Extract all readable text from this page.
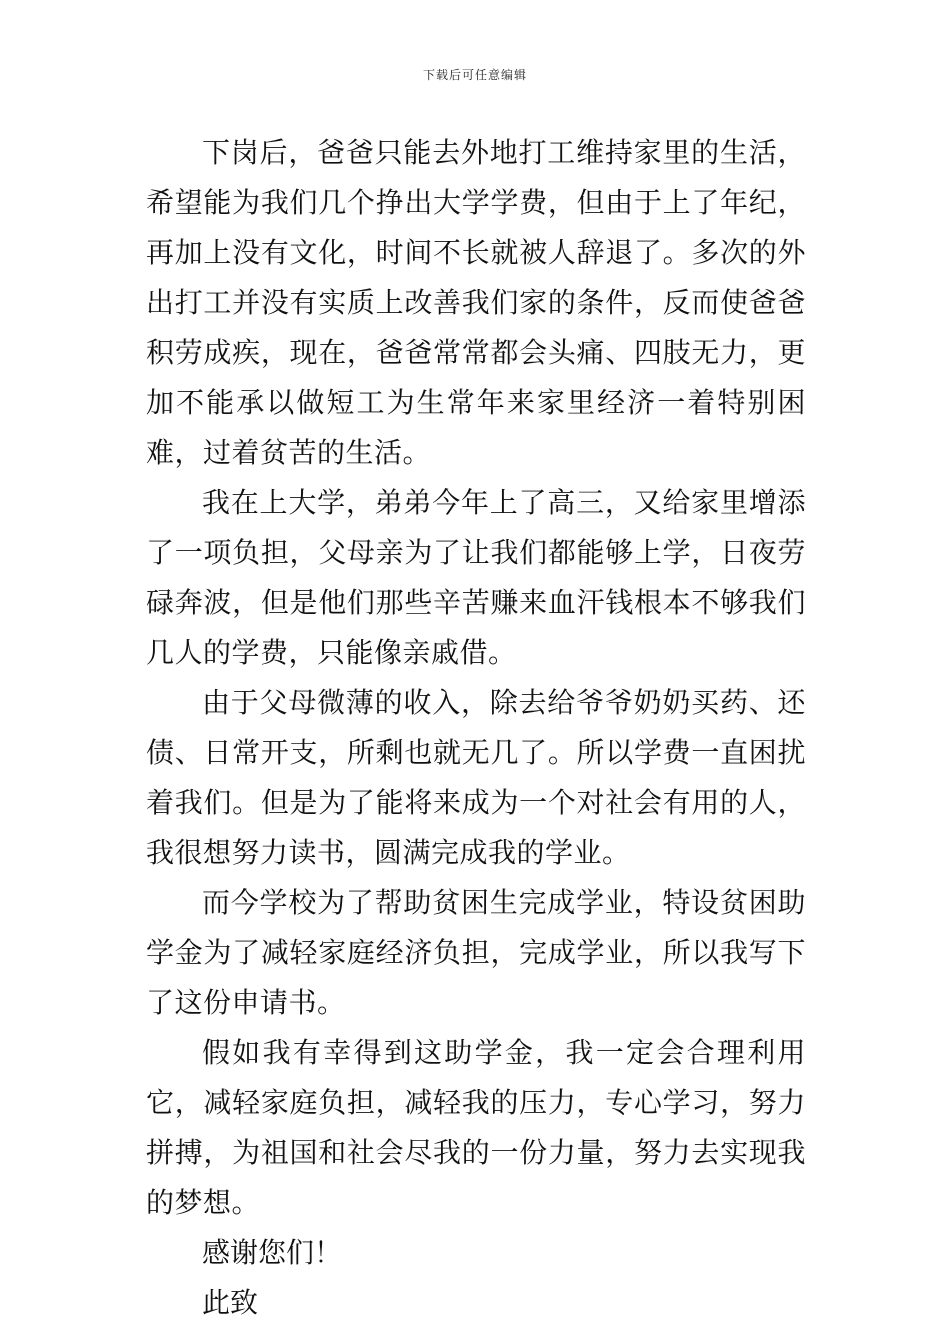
下载后可任意编辑

下岗后，爸爸只能去外地打工维持家里的生活，希望能为我们几个挣出大学学费，但由于上了年纪，再加上没有文化，时间不长就被人辞退了。多次的外出打工并没有实质上改善我们家的条件，反而使爸爸积劳成疾，现在，爸爸常常都会头痛、四肢无力，更加不能承以做短工为生常年来家里经济一着特别困难，过着贫苦的生活。

我在上大学，弟弟今年上了高三，又给家里增添了一项负担，父母亲为了让我们都能够上学，日夜劳碌奔波，但是他们那些辛苦赚来血汗钱根本不够我们几人的学费，只能像亲戚借。

由于父母微薄的收入，除去给爷爷奶奶买药、还债、日常开支，所剩也就无几了。所以学费一直困扰着我们。但是为了能将来成为一个对社会有用的人，我很想努力读书，圆满完成我的学业。

而今学校为了帮助贫困生完成学业，特设贫困助学金为了减轻家庭经济负担，完成学业，所以我写下了这份申请书。

假如我有幸得到这助学金，我一定会合理利用它，减轻家庭负担，减轻我的压力，专心学习，努力拼搏，为祖国和社会尽我的一份力量，努力去实现我的梦想。

感谢您们！

此致
